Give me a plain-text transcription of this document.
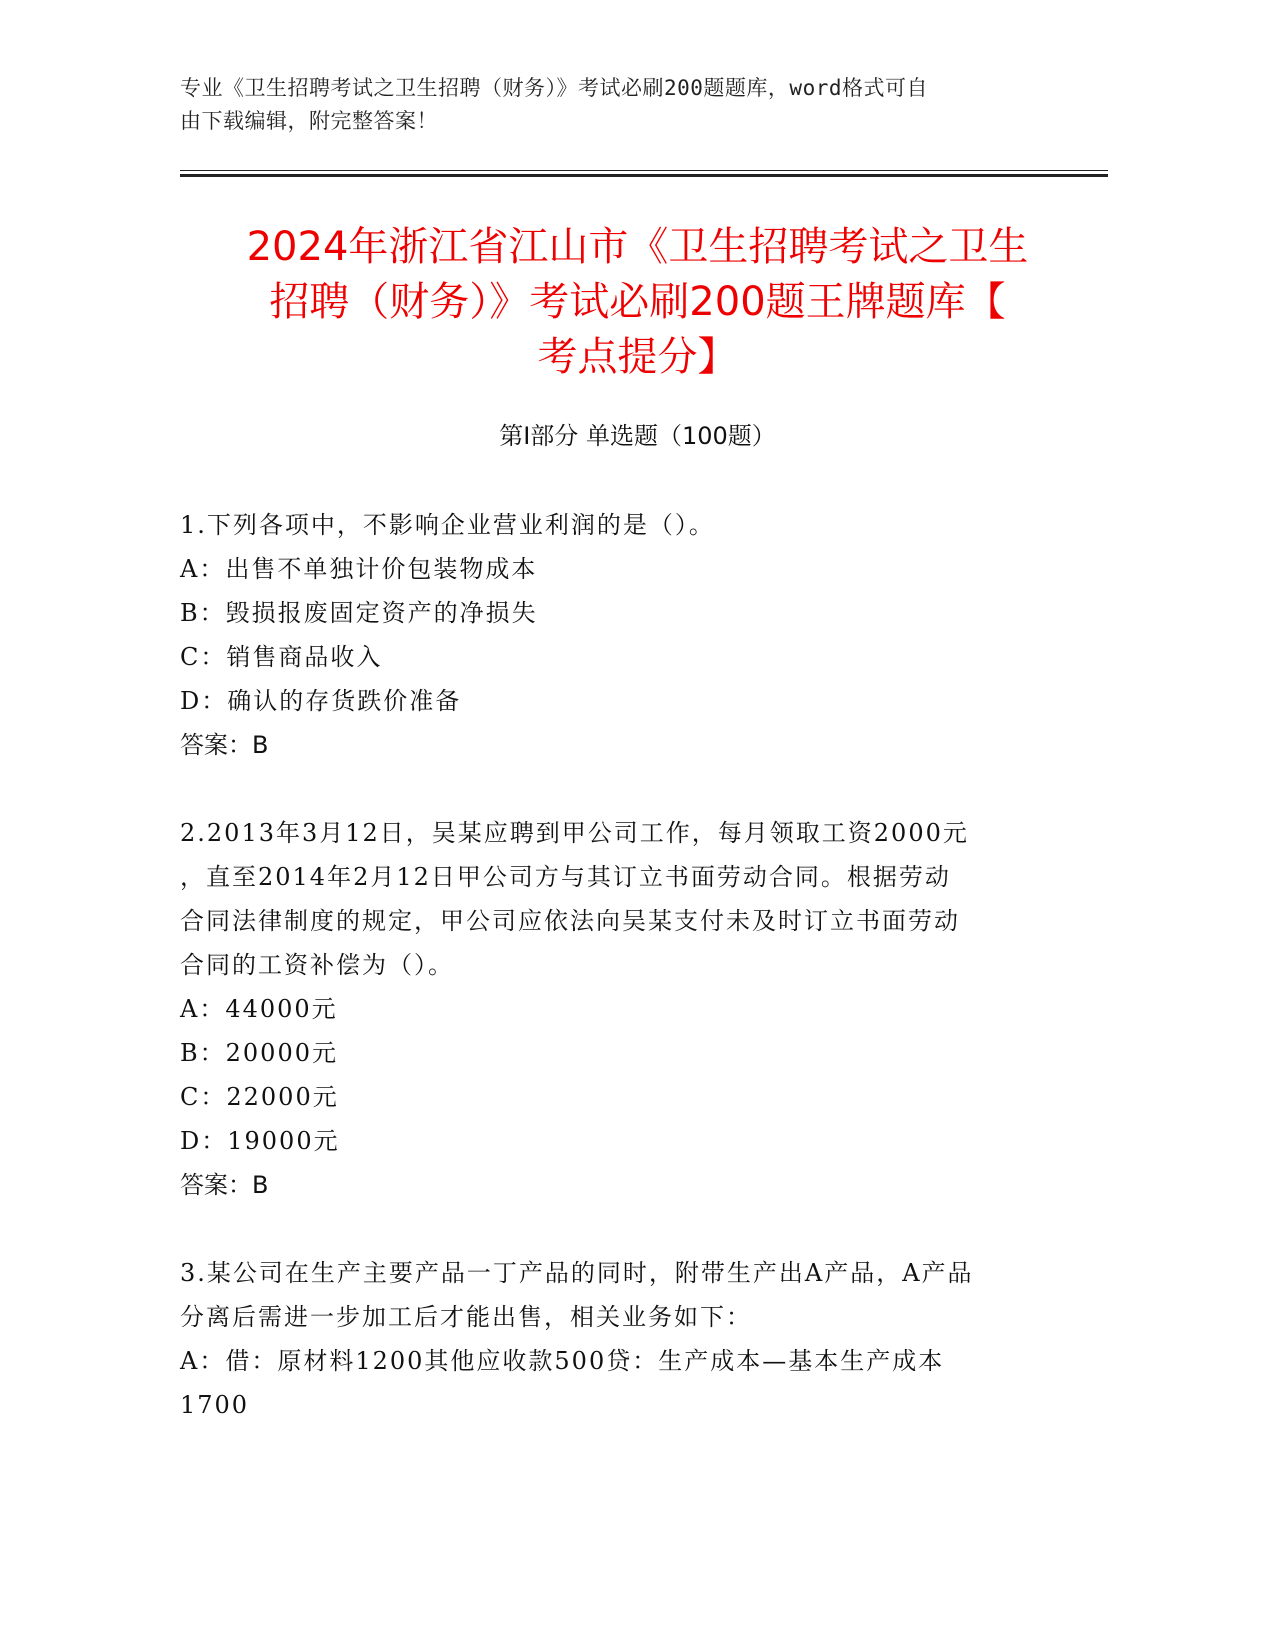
专业《卫生招聘考试之卫生招聘（财务）》考试必刷200题题库，word格式可自
由下载编辑，附完整答案！
2024年浙江省江山市《卫生招聘考试之卫生
招聘（财务）》考试必刷200题王牌题库【
考点提分】
第Ⅰ部分 单选题（100题）

1.下列各项中，不影响企业营业利润的是（）。

A：出售不单独计价包装物成本

B：毁损报废固定资产的净损失

C：销售商品收入

D：确认的存货跌价准备

答案：B

2.2013年3月12日，吴某应聘到甲公司工作，每月领取工资2000元

，直至2014年2月12日甲公司方与其订立书面劳动合同。根据劳动

合同法律制度的规定，甲公司应依法向吴某支付未及时订立书面劳动

合同的工资补偿为（）。

A：44000元

B：20000元

C：22000元

D：19000元

答案：B

3.某公司在生产主要产品一丁产品的同时，附带生产出A产品，A产品

分离后需进一步加工后才能出售，相关业务如下：

A：借：原材料1200其他应收款500贷：生产成本—基本生产成本

1700
